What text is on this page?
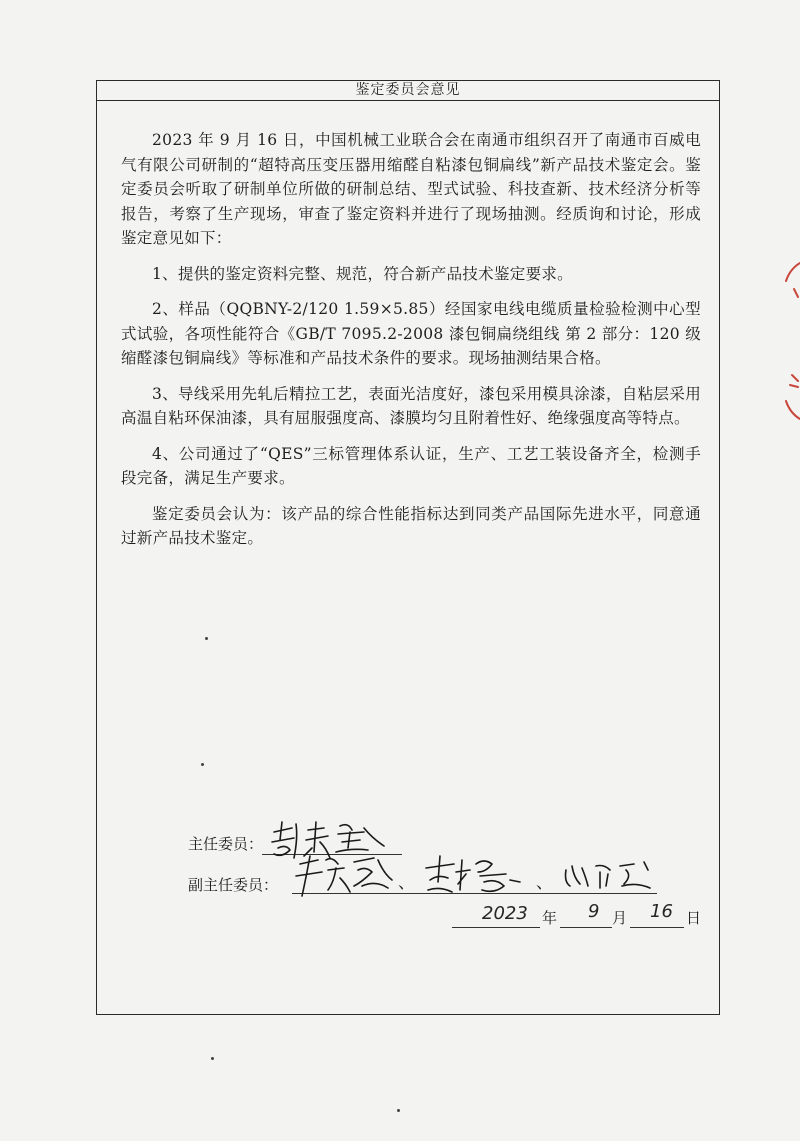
鉴定委员会意见

2023 年 9 月 16 日，中国机械工业联合会在南通市组织召开了南通市百威电气有限公司研制的“超特高压变压器用缩醛自粘漆包铜扁线”新产品技术鉴定会。鉴定委员会听取了研制单位所做的研制总结、型式试验、科技查新、技术经济分析等报告，考察了生产现场，审查了鉴定资料并进行了现场抽测。经质询和讨论，形成鉴定意见如下：

1、提供的鉴定资料完整、规范，符合新产品技术鉴定要求。

2、样品（QQBNY-2/120 1.59×5.85）经国家电线电缆质量检验检测中心型式试验，各项性能符合《GB/T 7095.2-2008 漆包铜扁绕组线 第 2 部分：120 级缩醛漆包铜扁线》等标准和产品技术条件的要求。现场抽测结果合格。

3、导线采用先轧后精拉工艺，表面光洁度好，漆包采用模具涂漆，自粘层采用高温自粘环保油漆，具有屈服强度高、漆膜均匀且附着性好、绝缘强度高等特点。

4、公司通过了“QES”三标管理体系认证，生产、工艺工装设备齐全，检测手段完备，满足生产要求。

鉴定委员会认为：该产品的综合性能指标达到同类产品国际先进水平，同意通过新产品技术鉴定。

主任委员：
副主任委员：	、	、
2023 年 9 月 16 日
